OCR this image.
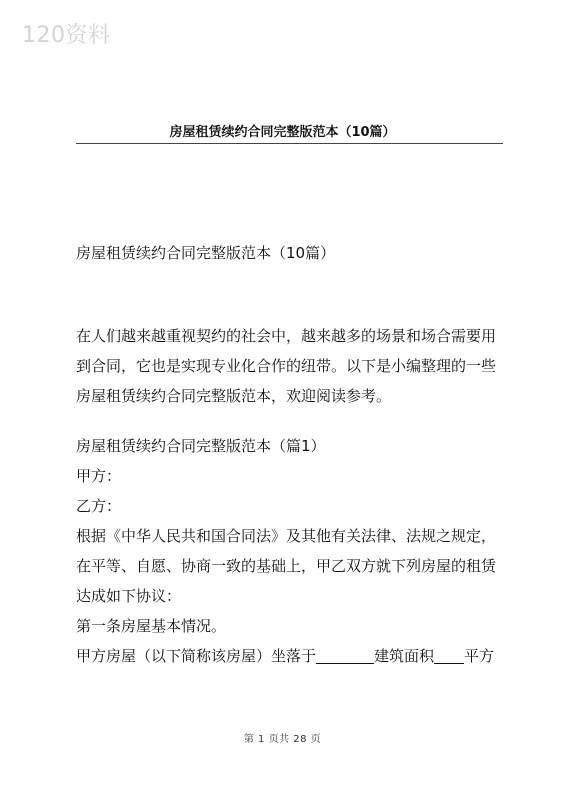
120资料
房屋租赁续约合同完整版范本（10篇）
房屋租赁续约合同完整版范本（10篇）

在人们越来越重视契约的社会中，越来越多的场景和场合需要用

到合同，它也是实现专业化合作的纽带。以下是小编整理的一些

房屋租赁续约合同完整版范本，欢迎阅读参考。

房屋租赁续约合同完整版范本（篇1）

甲方：

乙方：

根据《中华人民共和国合同法》及其他有关法律、法规之规定，

在平等、自愿、协商一致的基础上，甲乙双方就下列房屋的租赁

达成如下协议：

第一条房屋基本情况。

甲方房屋（以下简称该房屋）坐落于	建筑面积 平方

第 1 页共 28 页
